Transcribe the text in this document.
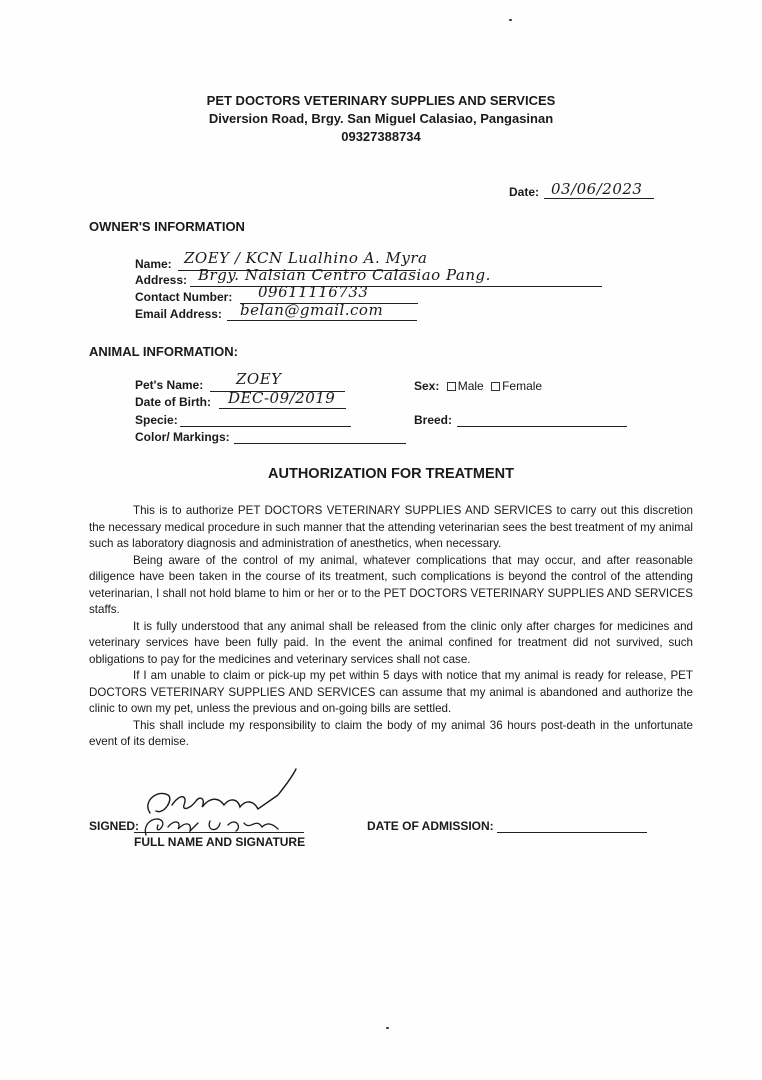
PET DOCTORS VETERINARY SUPPLIES AND SERVICES
Diversion Road, Brgy. San Miguel Calasiao, Pangasinan
09327388734
Date: 03/06/2023
OWNER'S INFORMATION
Name: ZOEY / KCN Lualhino A. Myra
Address: Brgy. Nalsian Centro Calasiao Pang.
Contact Number: 09611116733
Email Address: belan@gmail.com
ANIMAL INFORMATION:
Pet's Name: ZOEY
Date of Birth: DEC-09/2019
Specie:
Color/ Markings:
Sex: Male Female
Breed:
AUTHORIZATION FOR TREATMENT

This is to authorize PET DOCTORS VETERINARY SUPPLIES AND SERVICES to carry out this discretion the necessary medical procedure in such manner that the attending veterinarian sees the best treatment of my animal such as laboratory diagnosis and administration of anesthetics, when necessary.

Being aware of the control of my animal, whatever complications that may occur, and after reasonable diligence have been taken in the course of its treatment, such complications is beyond the control of the attending veterinarian, I shall not hold blame to him or her or to the PET DOCTORS VETERINARY SUPPLIES AND SERVICES staffs.

It is fully understood that any animal shall be released from the clinic only after charges for medicines and veterinary services have been fully paid. In the event the animal confined for treatment did not survived, such obligations to pay for the medicines and veterinary services shall not case.

If I am unable to claim or pick-up my pet within 5 days with notice that my animal is ready for release, PET DOCTORS VETERINARY SUPPLIES AND SERVICES can assume that my animal is abandoned and authorize the clinic to own my pet, unless the previous and on-going bills are settled.

This shall include my responsibility to claim the body of my animal 36 hours post-death in the unfortunate event of its demise.

SIGNED:
FULL NAME AND SIGNATURE
DATE OF ADMISSION:
